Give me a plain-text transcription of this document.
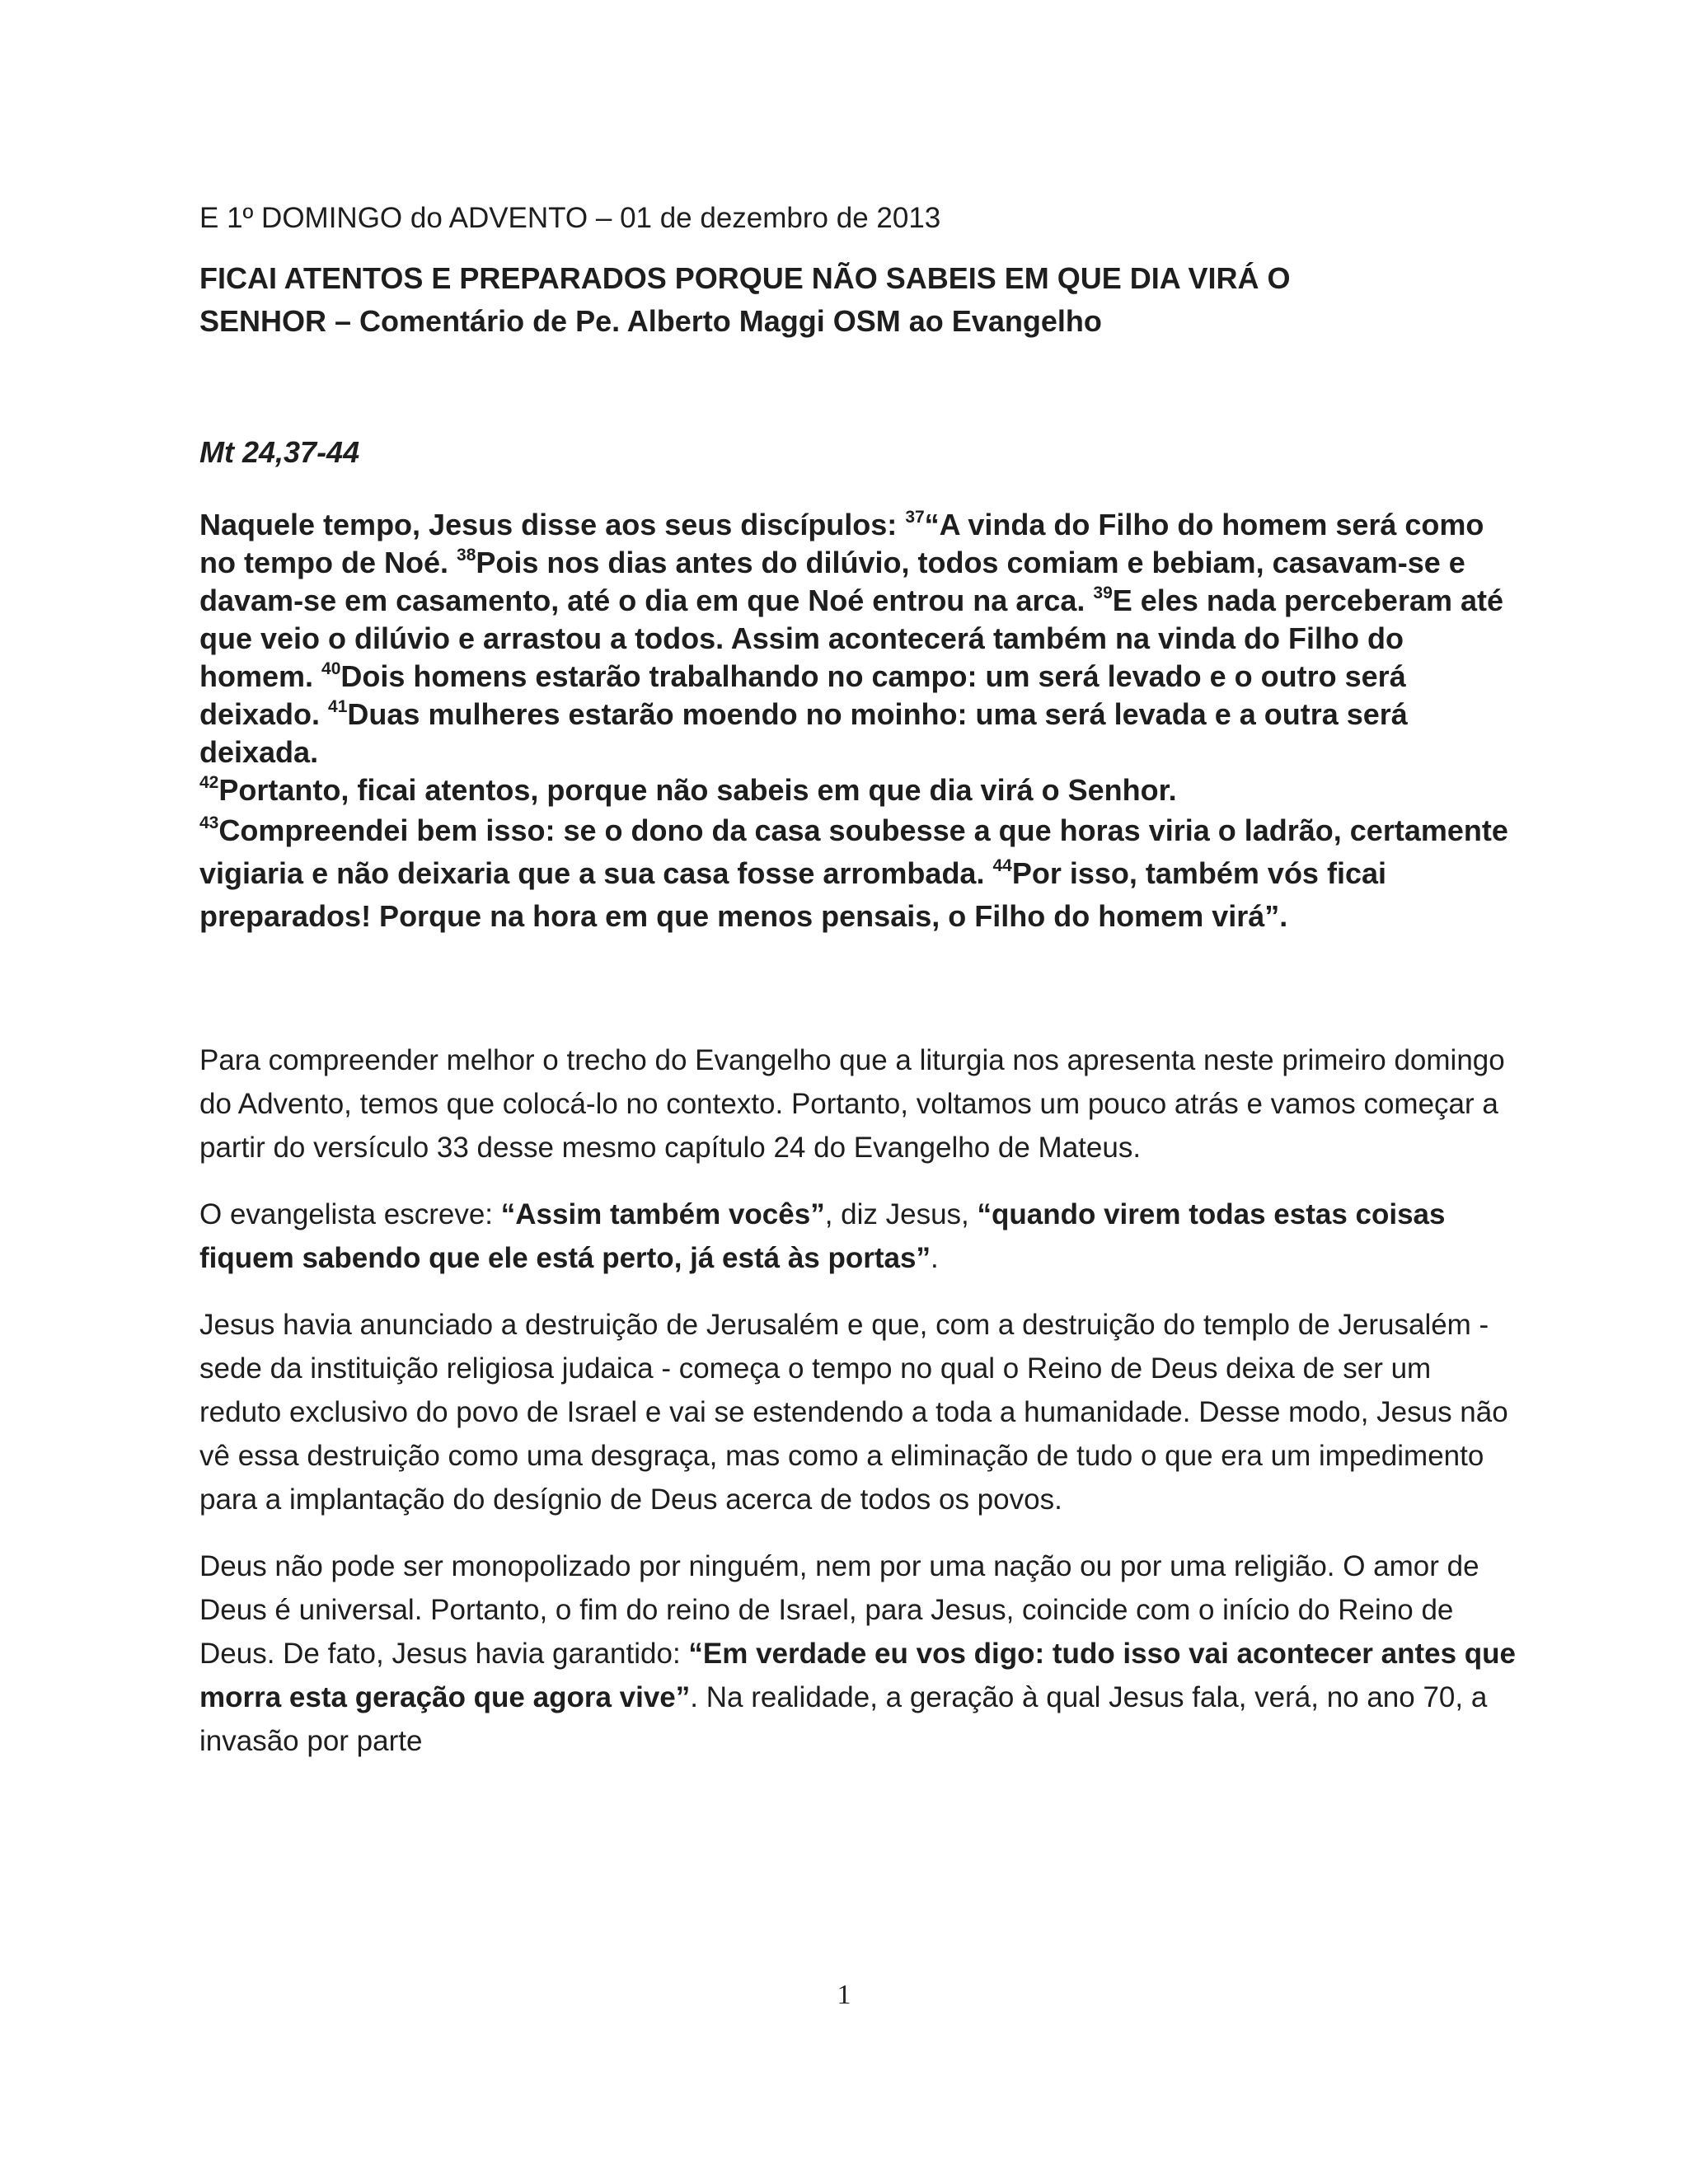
E 1º DOMINGO do ADVENTO – 01 de dezembro de 2013

FICAI ATENTOS E PREPARADOS PORQUE NÃO SABEIS EM QUE DIA VIRÁ O
SENHOR – Comentário de Pe. Alberto Maggi OSM ao Evangelho

Mt 24,37-44

Naquele tempo, Jesus disse aos seus discípulos: $^{37}$“A vinda do Filho do homem será como no tempo de Noé. $^{38}$Pois nos dias antes do dilúvio, todos comiam e bebiam, casavam-se e davam-se em casamento, até o dia em que Noé entrou na arca. $^{39}$E eles nada perceberam até que veio o dilúvio e arrastou a todos. Assim acontecerá também na vinda do Filho do homem. $^{40}$Dois homens estarão trabalhando no campo: um será levado e o outro será deixado. $^{41}$Duas mulheres estarão moendo no moinho: uma será levada e a outra será deixada.
$^{42}$Portanto, ficai atentos, porque não sabeis em que dia virá o Senhor.
$^{43}$Compreendei bem isso: se o dono da casa soubesse a que horas viria o ladrão, certamente vigiaria e não deixaria que a sua casa fosse arrombada. $^{44}$Por isso, também vós ficai preparados! Porque na hora em que menos pensais, o Filho do homem virá”.

Para compreender melhor o trecho do Evangelho que a liturgia nos apresenta neste primeiro domingo do Advento, temos que colocá-lo no contexto. Portanto, voltamos um pouco atrás e vamos começar a partir do versículo 33 desse mesmo capítulo 24 do Evangelho de Mateus.

O evangelista escreve: “Assim também vocês”, diz Jesus, “quando virem todas estas coisas fiquem sabendo que ele está perto, já está às portas”.

Jesus havia anunciado a destruição de Jerusalém e que, com a destruição do templo de Jerusalém - sede da instituição religiosa judaica - começa o tempo no qual o Reino de Deus deixa de ser um reduto exclusivo do povo de Israel e vai se estendendo a toda a humanidade. Desse modo, Jesus não vê essa destruição como uma desgraça, mas como a eliminação de tudo o que era um impedimento para a implantação do desígnio de Deus acerca de todos os povos.

Deus não pode ser monopolizado por ninguém, nem por uma nação ou por uma religião. O amor de Deus é universal. Portanto, o fim do reino de Israel, para Jesus, coincide com o início do Reino de Deus. De fato, Jesus havia garantido: “Em verdade eu vos digo: tudo isso vai acontecer antes que morra esta geração que agora vive”. Na realidade, a geração à qual Jesus fala, verá, no ano 70, a invasão por parte

1
